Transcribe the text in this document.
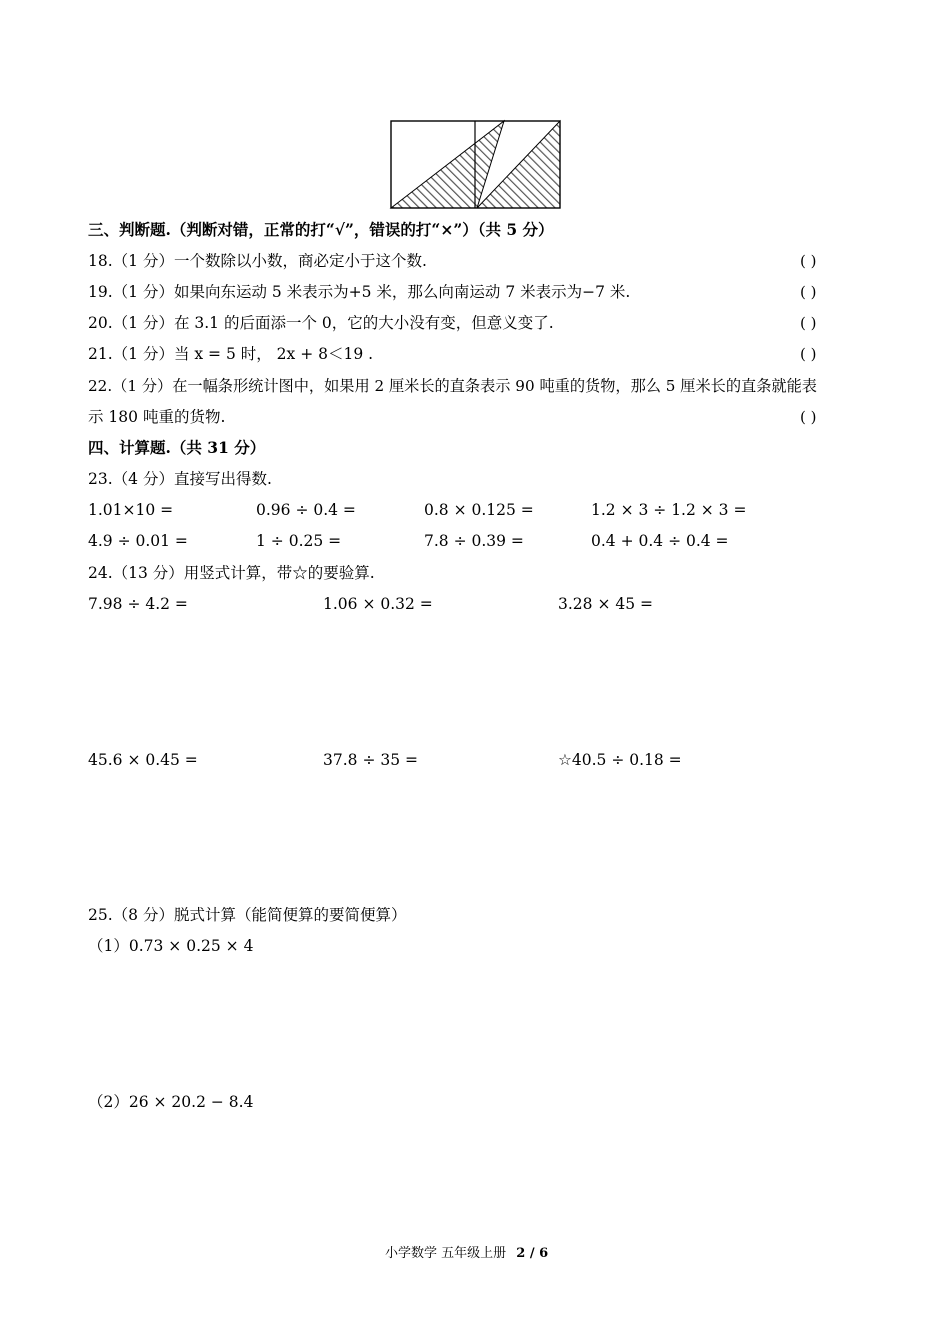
三、判断题.（判断对错，正常的打“√”，错误的打“×”）（共 5 分）
18.（1 分）一个数除以小数，商必定小于这个数.	( )
19.（1 分）如果向东运动 5 米表示为+5 米，那么向南运动 7 米表示为−7 米.	( )
20.（1 分）在 3.1 的后面添一个 0，它的大小没有变，但意义变了.	( )
21.（1 分）当 x = 5 时， 2x + 8＜19 .	( )
22.（1 分）在一幅条形统计图中，如果用 2 厘米长的直条表示 90 吨重的货物，那么 5 厘米长的直条就能表
示 180 吨重的货物.	( )
四、计算题.（共 31 分）
23.（4 分）直接写出得数.
1.01×10 =	0.96 ÷ 0.4 =	0.8 × 0.125 =	1.2 × 3 ÷ 1.2 × 3 =
4.9 ÷ 0.01 =	1 ÷ 0.25 =	7.8 ÷ 0.39 =	0.4 + 0.4 ÷ 0.4 =
24.（13 分）用竖式计算，带☆的要验算.
7.98 ÷ 4.2 =	1.06 × 0.32 =	3.28 × 45 =
45.6 × 0.45 =	37.8 ÷ 35 =	☆40.5 ÷ 0.18 =
25.（8 分）脱式计算（能简便算的要简便算）
（1）0.73 × 0.25 × 4
（2）26 × 20.2 − 8.4
小学数学 五年级上册 2 / 6
